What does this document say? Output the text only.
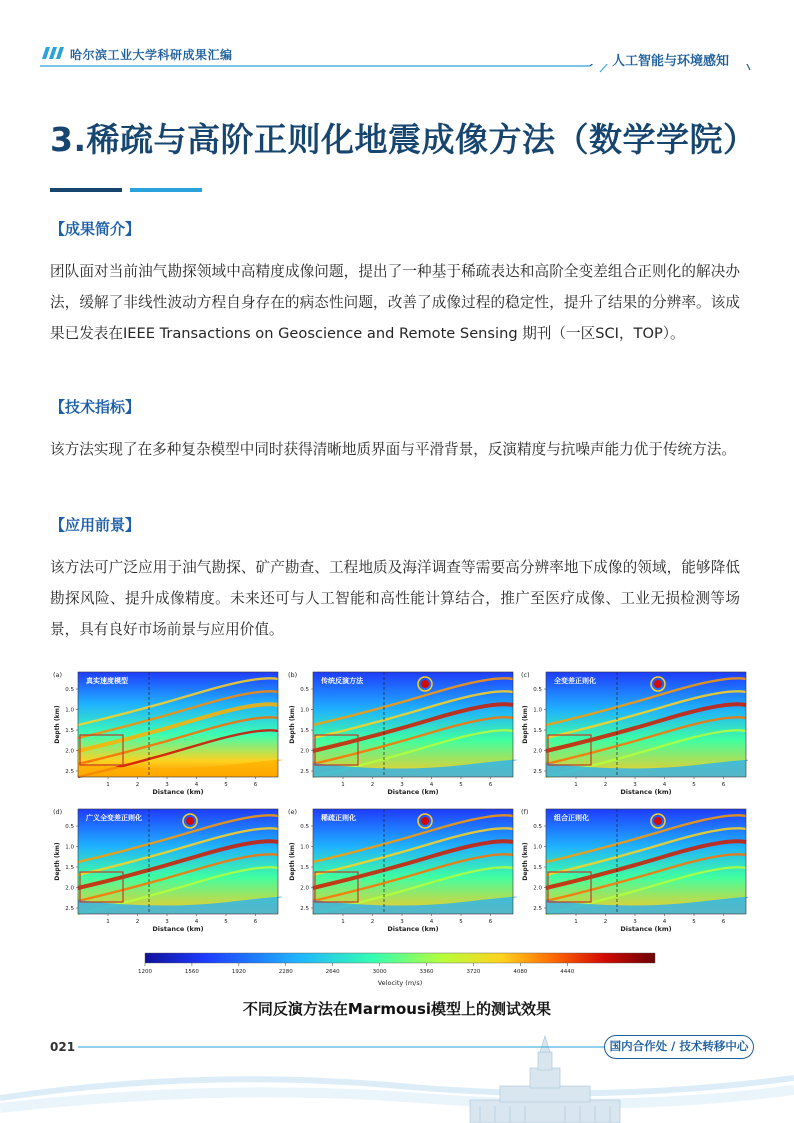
哈尔滨工业大学科研成果汇编	人工智能与环境感知
3.稀疏与高阶正则化地震成像方法（数学学院）
【成果简介】

团队面对当前油气勘探领域中高精度成像问题，提出了一种基于稀疏表达和高阶全变差组合正则化的解决办法，缓解了非线性波动方程自身存在的病态性问题，改善了成像过程的稳定性，提升了结果的分辨率。该成果已发表在IEEE Transactions on Geoscience and Remote Sensing 期刊（一区SCI，TOP）。

【技术指标】

该方法实现了在多种复杂模型中同时获得清晰地质界面与平滑背景，反演精度与抗噪声能力优于传统方法。

【应用前景】

该方法可广泛应用于油气勘探、矿产勘查、工程地质及海洋调查等需要高分辨率地下成像的领域，能够降低勘探风险、提升成像精度。未来还可与人工智能和高性能计算结合，推广至医疗成像、工业无损检测等场景，具有良好市场前景与应用价值。

(a)
真实速度模型
0.5
1.0
1.5
2.0
2.5
Depth (km)
1	2	3	4	5	6
Distance (km)
(b)
传统反演方法
0.5
1.0
1.5
2.0
2.5
Depth (km)
1	2	3	4	5	6
Distance (km)
(c)
全变差正则化
0.5
1.0
1.5
2.0
2.5
Depth (km)
1	2	3	4	5	6
Distance (km)
(d)
广义全变差正则化
0.5
1.0
1.5
2.0
2.5
Depth (km)
1	2	3	4	5	6
Distance (km)
(e)
稀疏正则化
0.5
1.0
1.5
2.0
2.5
Depth (km)
1	2	3	4	5	6
Distance (km)
(f)
组合正则化
0.5
1.0
1.5
2.0
2.5
Depth (km)
1	2	3	4	5	6
Distance (km)
1200	1560	1920	2280	2640	3000	3360	3720	4080	4440
Velocity (m/s)
不同反演方法在Marmousi模型上的测试效果
021	国内合作处 / 技术转移中心
